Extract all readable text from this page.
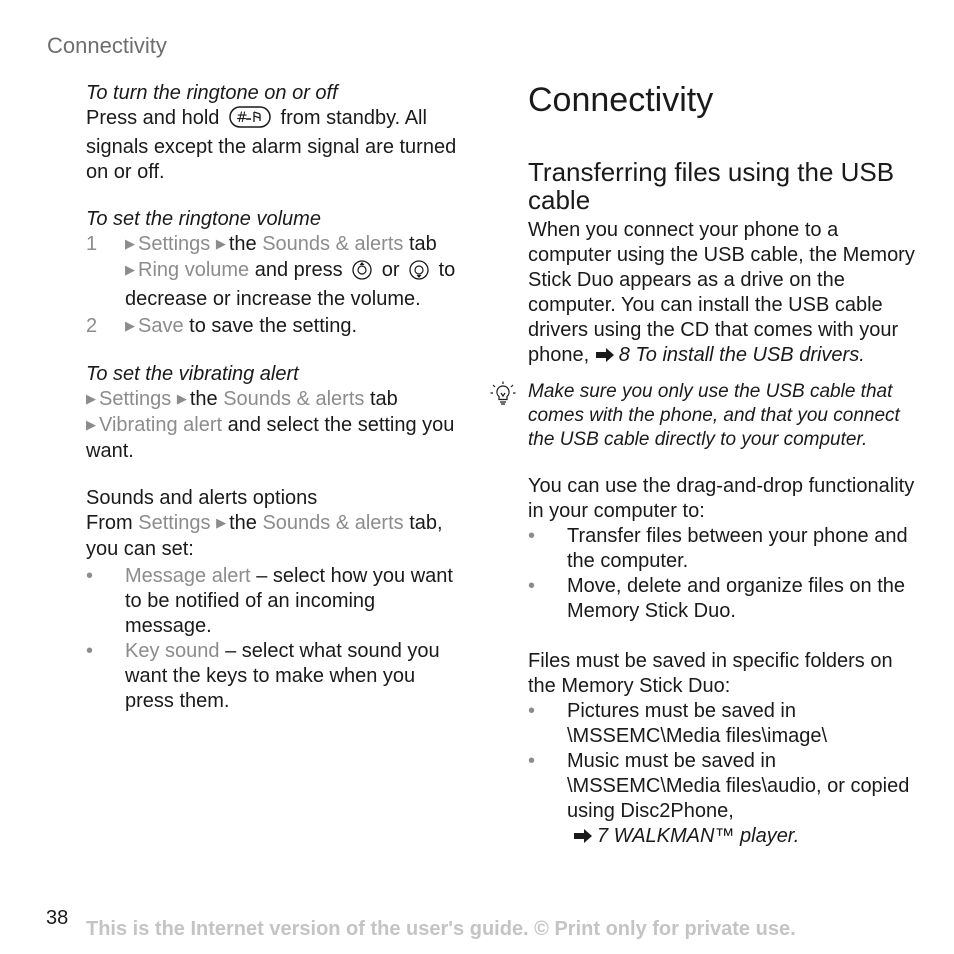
Connectivity
To turn the ringtone on or off
Press and hold # from standby. All signals except the alarm signal are turned on or off.
To set the ringtone volume
1 ▶ Settings ▶ the Sounds & alerts tab ▶ Ring volume and press or to decrease or increase the volume.
2 ▶ Save to save the setting.
To set the vibrating alert
▶ Settings ▶ the Sounds & alerts tab ▶ Vibrating alert and select the setting you want.
Sounds and alerts options
From Settings ▶ the Sounds & alerts tab, you can set:
• Message alert – select how you want to be notified of an incoming message.
• Key sound – select what sound you want the keys to make when you press them.
Connectivity
Transferring files using the USB cable
When you connect your phone to a computer using the USB cable, the Memory Stick Duo appears as a drive on the computer. You can install the USB cable drivers using the CD that comes with your phone, 8 To install the USB drivers.
Make sure you only use the USB cable that comes with the phone, and that you connect the USB cable directly to your computer.
You can use the drag-and-drop functionality in your computer to:
• Transfer files between your phone and the computer.
• Move, delete and organize files on the Memory Stick Duo.
Files must be saved in specific folders on the Memory Stick Duo:
• Pictures must be saved in \MSSEMC\Media files\image\
• Music must be saved in \MSSEMC\Media files\audio, or copied using Disc2Phone,
7 WALKMAN™ player.
38 This is the Internet version of the user's guide. © Print only for private use.
